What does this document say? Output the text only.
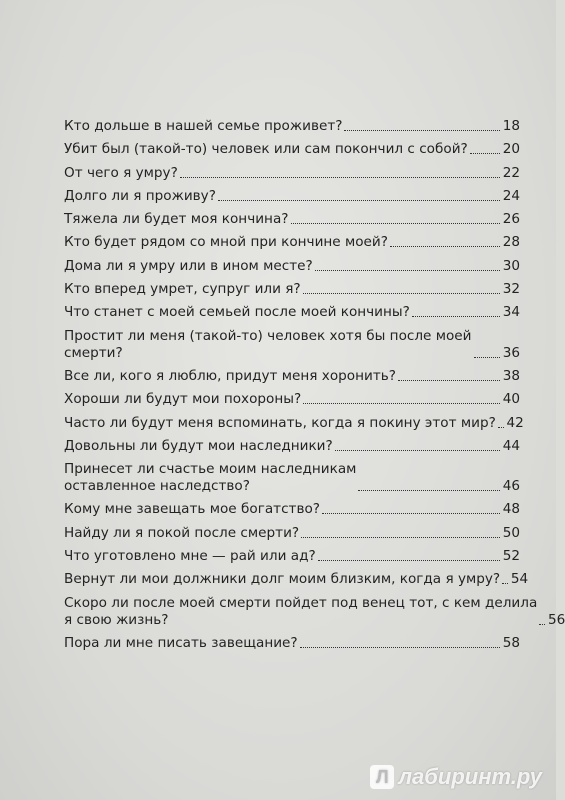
Кто дольше в нашей семье проживет?	18
Убит был (такой-то) человек или сам покончил с собой?	20
От чего я умру?	22
Долго ли я проживу?	24
Тяжела ли будет моя кончина?	26
Кто будет рядом со мной при кончине моей?	28
Дома ли я умру или в ином месте?	30
Кто вперед умрет, супруг или я?	32
Что станет с моей семьей после моей кончины?	34
Простит ли меня (такой-то) человек хотя бы после моей
смерти?	36
Все ли, кого я люблю, придут меня хоронить?	38
Хороши ли будут мои похороны?	40
Часто ли будут меня вспоминать, когда я покину этот мир? 42
Довольны ли будут мои наследники?	44
Принесет ли счастье моим наследникам
оставленное наследство?	46
Кому мне завещать мое богатство?	48
Найду ли я покой после смерти?	50
Что уготовлено мне — рай или ад?	52
Вернут ли мои должники долг моим близким, когда я умру? 54
Скоро ли после моей смерти пойдет под венец тот, с кем делила
я свою жизнь?	56
Пора ли мне писать завещание?	58
Л лабиринт.ру
